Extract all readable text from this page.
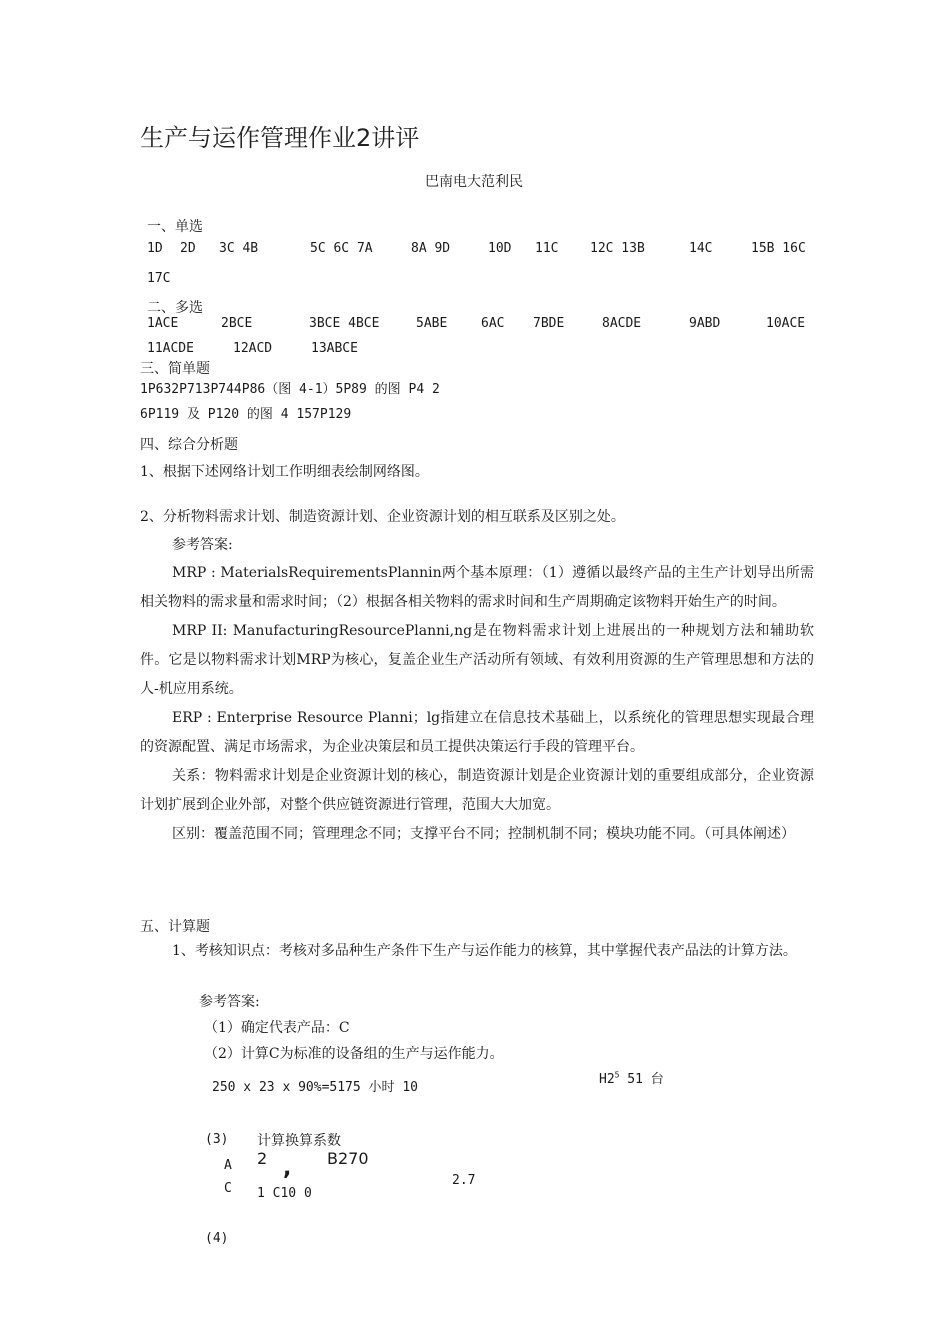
生产与运作管理作业2讲评
巴南电大范利民
一、单选
1D 2D 3C 4B	5C 6C 7A	8A 9D	10D 11C 12C 13B	14C	15B 16C
17C
二、多选
1ACE	2BCE	3BCE 4BCE	5ABE	6AC 7BDE	8ACDE	9ABD	10ACE
11ACDE	12ACD	13ABCE
三、简单题
1P632P713P744P86（图 4-1）5P89 的图 P4 2
6P119 及 P120 的图 4 157P129
四、综合分析题
1、根据下述网络计划工作明细表绘制网络图。
2、分析物料需求计划、制造资源计划、企业资源计划的相互联系及区别之处。
参考答案:

MRP : MaterialsRequirementsPlannin两个基本原理：（1）遵循以最终产品的主生产计划导出所需相关物料的需求量和需求时间；（2）根据各相关物料的需求时间和生产周期确定该物料开始生产的时间。

MRP II: ManufacturingResourcePlanni,ng是在物料需求计划上进展出的一种规划方法和辅助软件。它是以物料需求计划MRP为核心，复盖企业生产活动所有领域、有效利用资源的生产管理思想和方法的人-机应用系统。

ERP : Enterprise Resource Planni；lg指建立在信息技术基础上，以系统化的管理思想实现最合理的资源配置、满足市场需求，为企业决策层和员工提供决策运行手段的管理平台。

关系：物料需求计划是企业资源计划的核心，制造资源计划是企业资源计划的重要组成部分，企业资源计划扩展到企业外部，对整个供应链资源进行管理，范围大大加宽。

区别：覆盖范围不同；管理理念不同；支撑平台不同；控制机制不同；模块功能不同。（可具体阐述）

五、计算题

1、考核知识点：考核对多品种生产条件下生产与运作能力的核算，其中掌握代表产品法的计算方法。

参考答案:
（1）确定代表产品：C
（2）计算C为标准的设备组的生产与运作能力。
250 x 23 x 90%=5175 小时 10
$H2^5$ 51 台
(3) 计算换算系数
A 2 , B270
C 1 C10 0
2.7
(4)
